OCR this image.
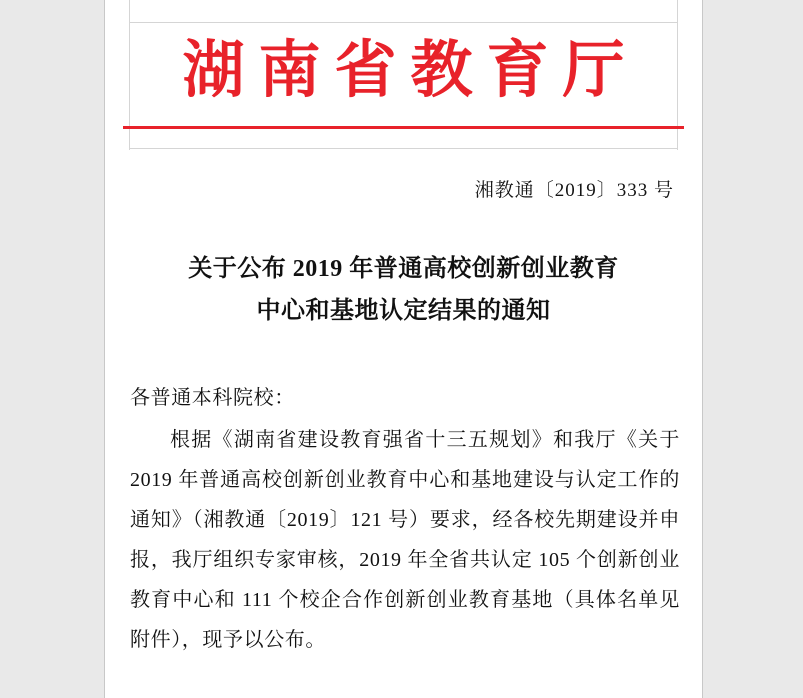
湖南省教育厅
湘教通〔2019〕333 号
关于公布 2019 年普通高校创新创业教育
中心和基地认定结果的通知

各普通本科院校：

根据《湖南省建设教育强省十三五规划》和我厅《关于 2019 年普通高校创新创业教育中心和基地建设与认定工作的通知》（湘教通〔2019〕121 号）要求，经各校先期建设并申报，我厅组织专家审核，2019 年全省共认定 105 个创新创业教育中心和 111 个校企合作创新创业教育基地（具体名单见附件），现予以公布。
